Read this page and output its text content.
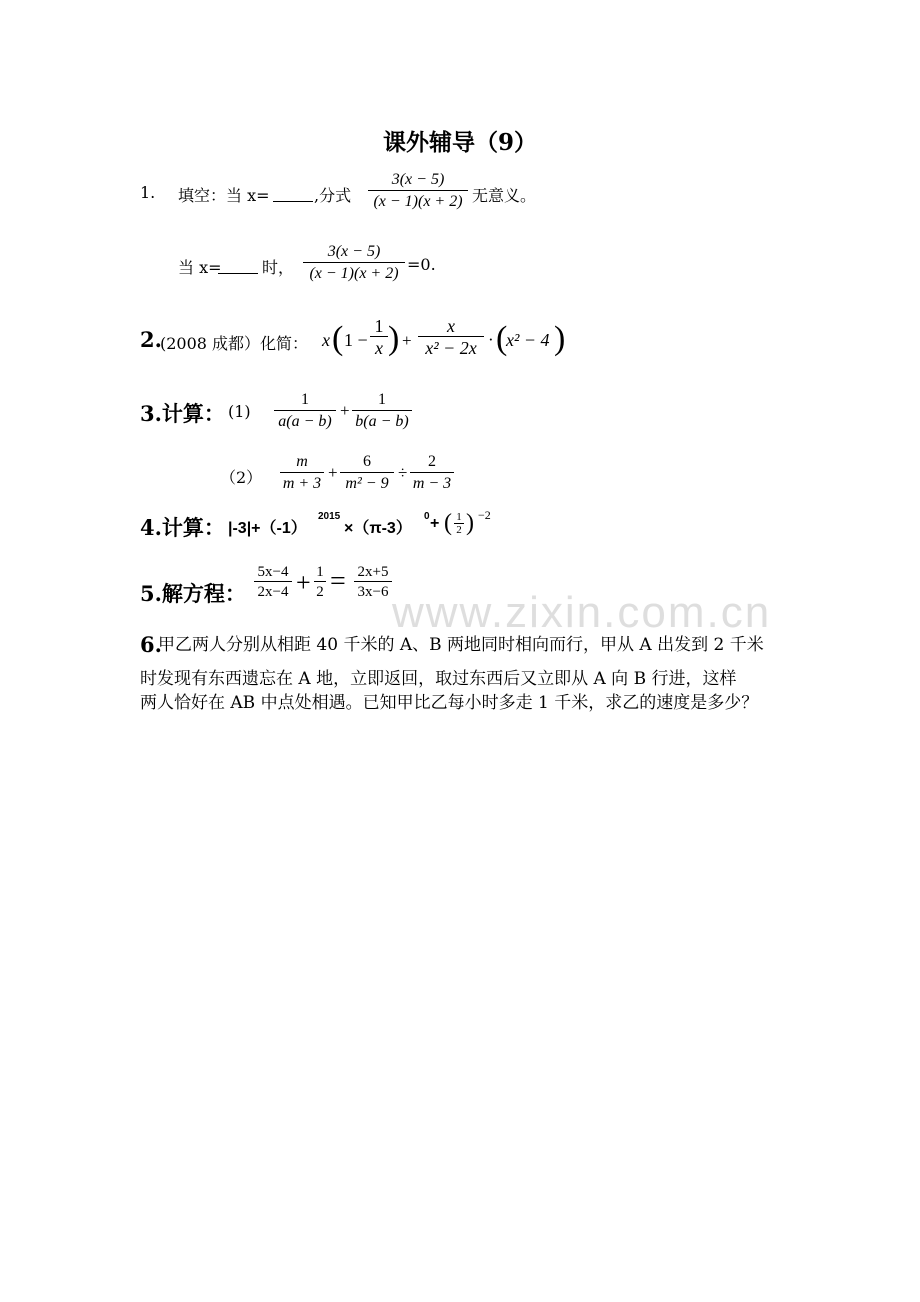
课外辅导（9）
1. 填空：当 x=	,分式
3(x − 5)
(x − 1)(x + 2) 无意义。
当 x=	时，
3(x − 5)
(x − 1)(x + 2) =0.
2.
(2008 成都）化简： x ( 1 −
1
x ) +
x
x² − 2x · (
x² − 4 )
3.计算： (1)
1
a(a − b)
+
1
b(a − b)
（2）
m
m + 3
+
6
m² − 9
÷
2
m − 3
4.计算： |-3|+（-1）
2015
×（π-3）
0 + ( 1
2 ) −2
5.解方程：
5x−4
2x−4 + 1
2 = 2x+5
3x−6 www.zixin.com.cn
6.
甲乙两人分别从相距 40 千米的 A、B 两地同时相向而行，甲从 A 出发到 2 千米
时发现有东西遗忘在 A 地，立即返回，取过东西后又立即从 A 向 B 行进，这样
两人恰好在 AB 中点处相遇。已知甲比乙每小时多走 1 千米，求乙的速度是多少？
